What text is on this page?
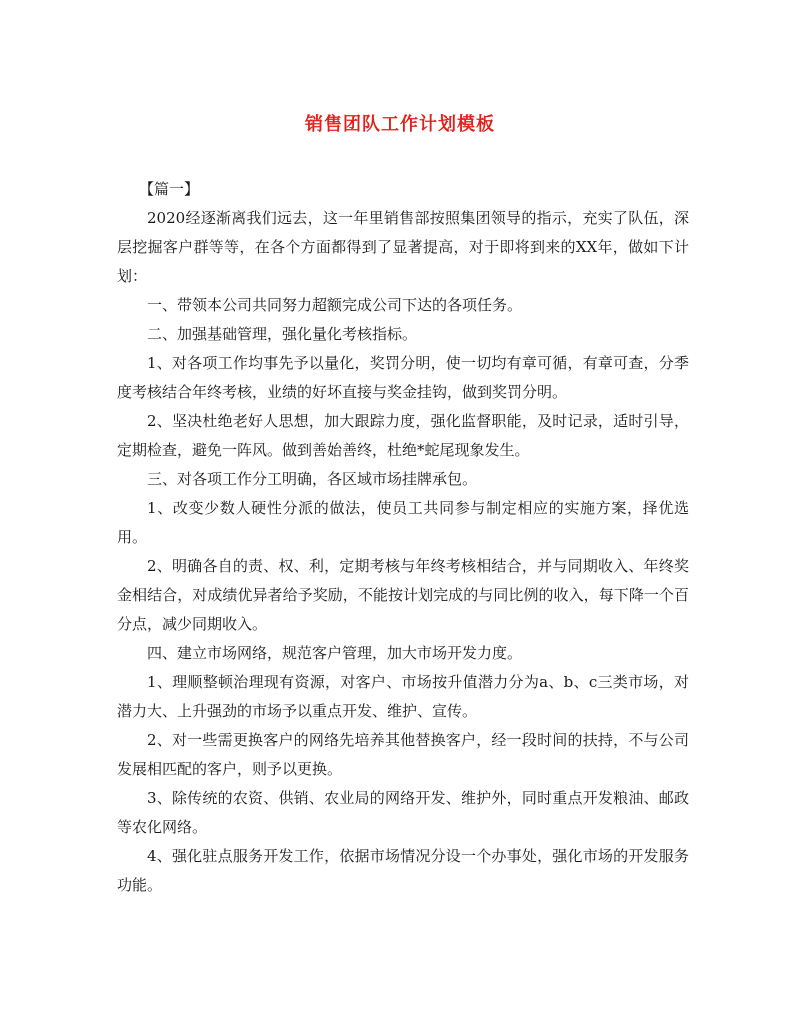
销售团队工作计划模板

【篇一】

2020经逐渐离我们远去，这一年里销售部按照集团领导的指示，充实了队伍，深层挖掘客户群等等，在各个方面都得到了显著提高，对于即将到来的XX年，做如下计划：

一、带领本公司共同努力超额完成公司下达的各项任务。

二、加强基础管理，强化量化考核指标。

1、对各项工作均事先予以量化，奖罚分明，使一切均有章可循，有章可查，分季度考核结合年终考核，业绩的好坏直接与奖金挂钩，做到奖罚分明。

2、坚决杜绝老好人思想，加大跟踪力度，强化监督职能，及时记录，适时引导，定期检查，避免一阵风。做到善始善终，杜绝*蛇尾现象发生。

三、对各项工作分工明确，各区域市场挂牌承包。

1、改变少数人硬性分派的做法，使员工共同参与制定相应的实施方案，择优选用。

2、明确各自的责、权、利，定期考核与年终考核相结合，并与同期收入、年终奖金相结合，对成绩优异者给予奖励，不能按计划完成的与同比例的收入，每下降一个百分点，减少同期收入。

四、建立市场网络，规范客户管理，加大市场开发力度。

1、理顺整顿治理现有资源，对客户、市场按升值潜力分为a、b、c三类市场，对潜力大、上升强劲的市场予以重点开发、维护、宣传。

2、对一些需更换客户的网络先培养其他替换客户，经一段时间的扶持，不与公司发展相匹配的客户，则予以更换。

3、除传统的农资、供销、农业局的网络开发、维护外，同时重点开发粮油、邮政等农化网络。

4、强化驻点服务开发工作，依据市场情况分设一个办事处，强化市场的开发服务功能。
